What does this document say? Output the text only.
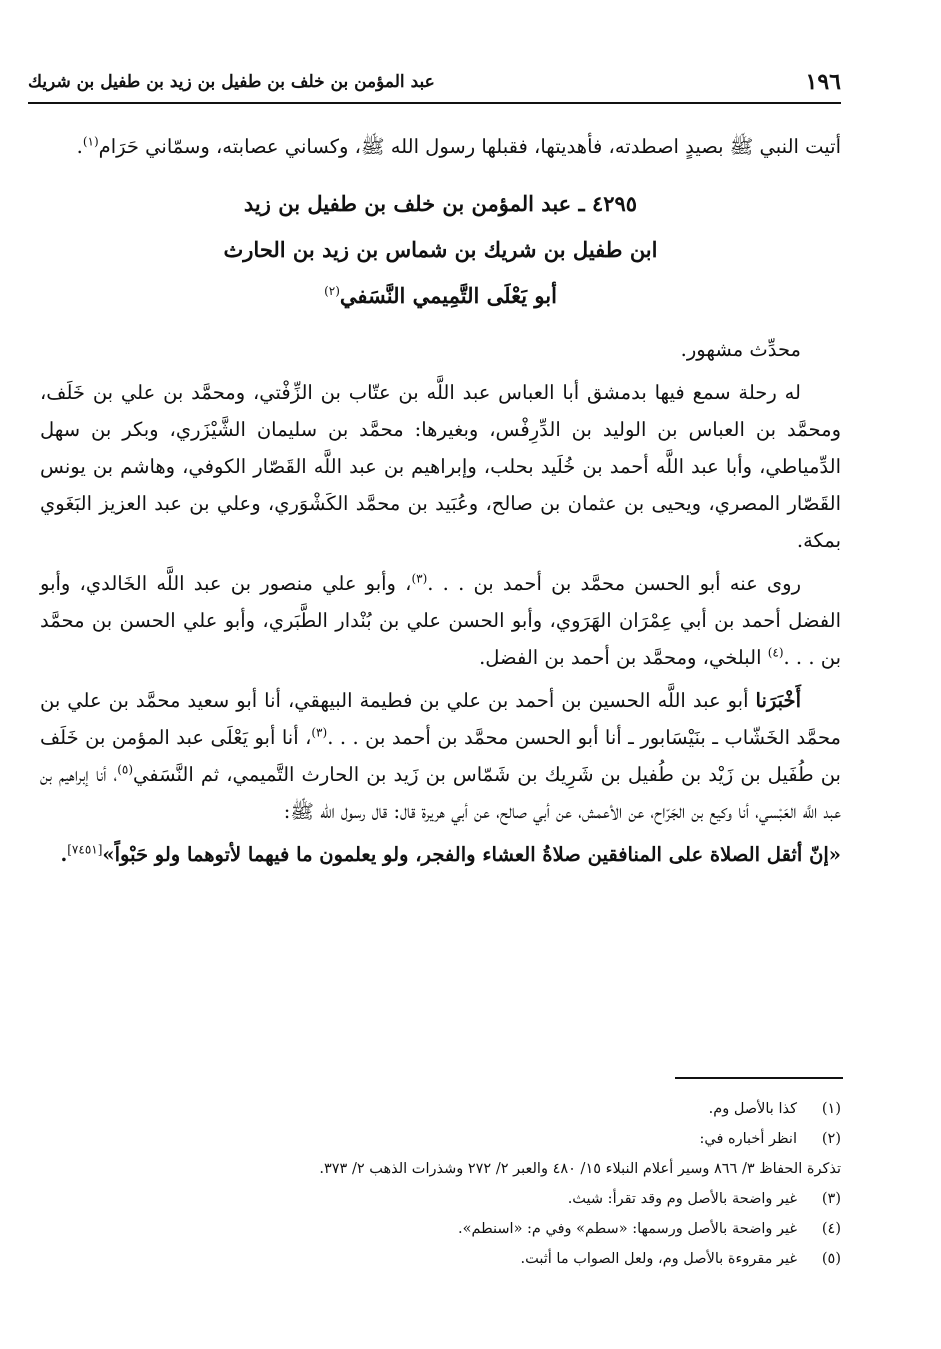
١٩٦
عبد المؤمن بن خلف بن طفيل بن زيد بن طفيل بن شريك

أتيت النبي ﷺ بصيدٍ اصطدته، فأهديتها، فقبلها رسول الله ﷺ، وكساني عصابته، وسمّاني حَرَام$^{(١)}$.

٤٢٩٥ ـ عبد المؤمن بن خلف بن طفيل بن زيد
ابن طفيل بن شريك بن شماس بن زيد بن الحارث
أبو يَعْلَى التَّمِيمي النَّسَفي$^{(٢)}$

محدِّث مشهور.

له رحلة سمع فيها بدمشق أبا العباس عبد اللَّه بن عتّاب بن الزِّفْتي، ومحمَّد بن علي بن خَلَف، ومحمَّد بن العباس بن الوليد بن الدِّرِفْس، وبغيرها: محمَّد بن سليمان الشَّيْزَري، وبكر بن سهل الدِّمياطي، وأبا عبد اللَّه أحمد بن خُلَيد بحلب، وإبراهيم بن عبد اللَّه القَصّار الكوفي، وهاشم بن يونس القَصّار المصري، ويحيى بن عثمان بن صالح، وعُبَيد بن محمَّد الكَشْوَري، وعلي بن عبد العزيز البَغَوي بمكة.

روى عنه أبو الحسن محمَّد بن أحمد بن . . .$^{(٣)}$، وأبو علي منصور بن عبد اللَّه الخَالدي، وأبو الفضل أحمد بن أبي عِمْرَان الهَرَوي، وأبو الحسن علي بن بُنْدار الطَّبَري، وأبو علي الحسن بن محمَّد بن . . .$^{(٤)}$ البلخي، ومحمَّد بن أحمد بن الفضل.

أَخْبَرَنا أبو عبد اللَّه الحسين بن أحمد بن علي بن فطيمة البيهقي، أنا أبو سعيد محمَّد بن علي بن محمَّد الخَشّاب ـ بنَيْسَابور ـ أنا أبو الحسن محمَّد بن أحمد بن . . .$^{(٣)}$، أنا أبو يَعْلَى عبد المؤمن بن خَلَف بن طُفَيل بن زَيْد بن طُفيل بن شَرِيك بن شَمّاس بن زَيد بن الحارث التَّميمي، ثم النَّسَفي$^{(٥)}$، أنا إبراهيم بن عبد اللَّه العَبْسي، أنا وكيع بن الجَرّاح، عن الأعمش، عن أبي صالح، عن أبي هريرة قال: قال رسول الله ﷺ:

«إنّ أثقل الصلاة على المنافقين صلاةُ العشاء والفجر، ولو يعلمون ما فيهما لأتوهما ولو حَبْواً»[٧٤٥١].

(١)
كذا بالأصل وم.
(٢)
انظر أخباره في:
تذكرة الحفاظ ٣/ ٨٦٦ وسير أعلام النبلاء ١٥/ ٤٨٠ والعبر ٢/ ٢٧٢ وشذرات الذهب ٢/ ٣٧٣.
(٣)
غير واضحة بالأصل وم وقد تقرأ: شيث.
(٤)
غير واضحة بالأصل ورسمها: «سطم» وفي م: «اسنطم».
(٥)
غير مقروءة بالأصل وم، ولعل الصواب ما أثبت.
